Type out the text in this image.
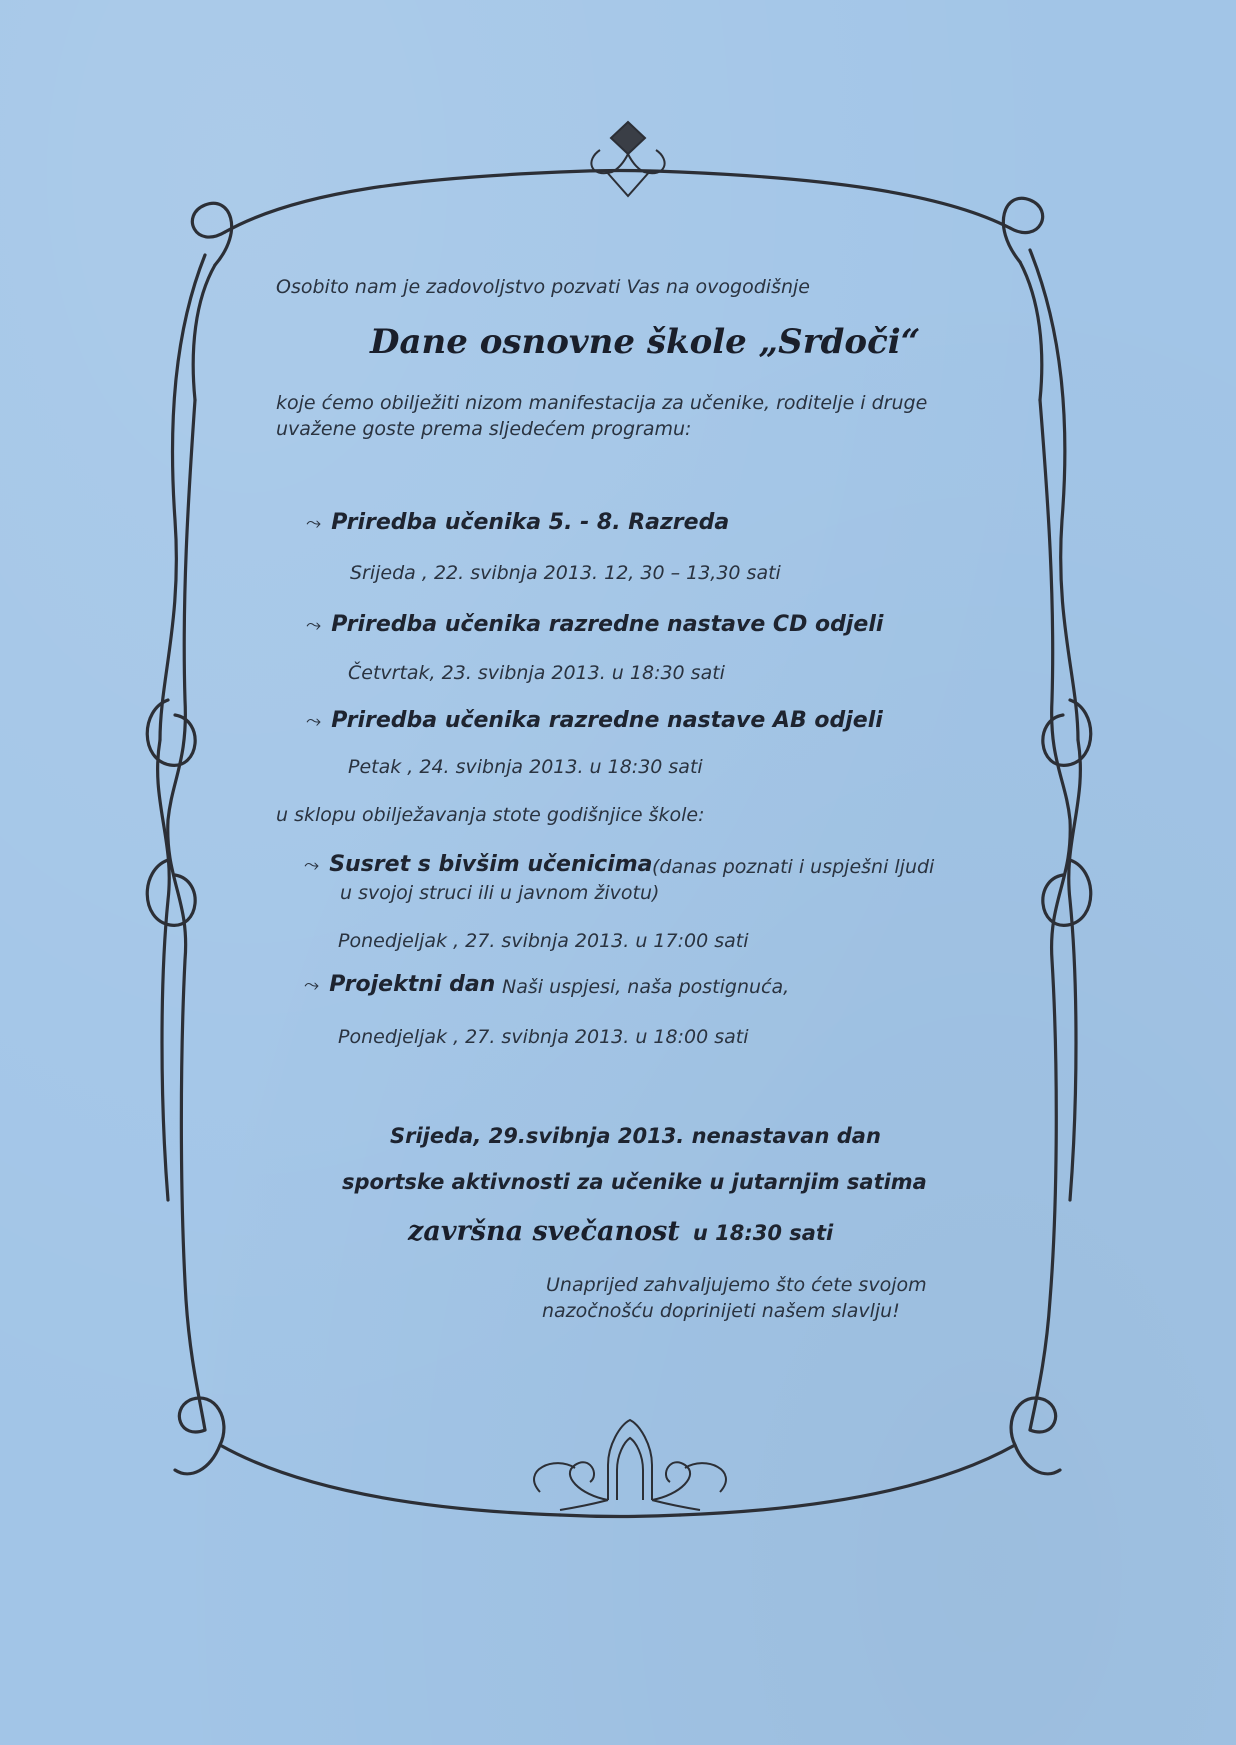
Osobito nam je zadovoljstvo pozvati Vas na ovogodišnje
Dane osnovne škole „Srdoči“
koje ćemo obilježiti nizom manifestacija za učenike, roditelje i druge
uvažene goste prema sljedećem programu:
⤳ Priredba učenika 5. - 8. Razreda
Srijeda , 22. svibnja 2013. 12, 30 – 13,30 sati
⤳ Priredba učenika razredne nastave CD odjeli
Četvrtak, 23. svibnja 2013. u 18:30 sati
⤳ Priredba učenika razredne nastave AB odjeli
Petak , 24. svibnja 2013. u 18:30 sati
u sklopu obilježavanja stote godišnjice škole:
⤳ Susret s bivšim učenicima (danas poznati i uspješni ljudi
u svojoj struci ili u javnom životu)
Ponedjeljak , 27. svibnja 2013. u 17:00 sati
⤳ Projektni dan Naši uspjesi, naša postignuća,
Ponedjeljak , 27. svibnja 2013. u 18:00 sati
Srijeda, 29.svibnja 2013. nenastavan dan
sportske aktivnosti za učenike u jutarnjim satima
završna svečanost u 18:30 sati
Unaprijed zahvaljujemo što ćete svojom
nazočnošću doprinijeti našem slavlju!
